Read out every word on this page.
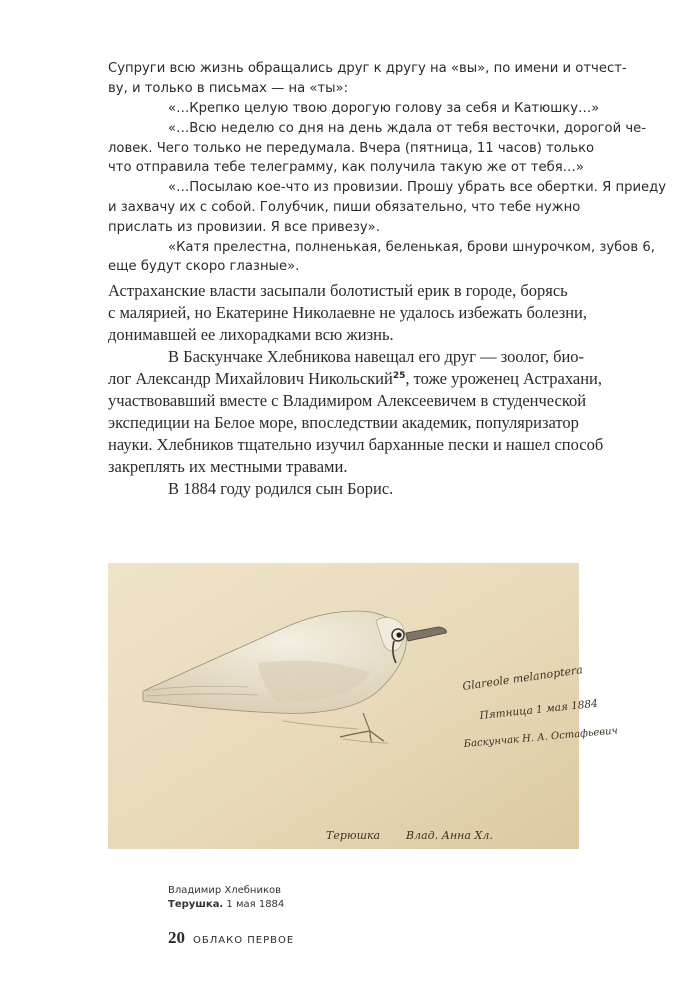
Супруги всю жизнь обращались друг к другу на «вы», по имени и отчест-
ву, и только в письмах — на «ты»:
«…Крепко целую твою дорогую голову за себя и Катюшку…»
«…Всю неделю со дня на день ждала от тебя весточки, дорогой че-
ловек. Чего только не передумала. Вчера (пятница, 11 часов) только
что отправила тебе телеграмму, как получила такую же от тебя…»
«…Посылаю кое-что из провизии. Прошу убрать все обертки. Я приеду
и захвачу их с собой. Голубчик, пиши обязательно, что тебе нужно
прислать из провизии. Я все привезу».
«Катя прелестна, полненькая, беленькая, брови шнурочком, зубов 6,
еще будут скоро глазные».
Астраханские власти засыпали болотистый ерик в городе, борясь
с малярией, но Екатерине Николаевне не удалось избежать болезни,
донимавшей ее лихорадками всю жизнь.
В Баскунчаке Хлебникова навещал его друг — зоолог, био-
лог Александр Михайлович Никольский$^{25}$, тоже уроженец Астрахани,
участвовавший вместе с Владимиром Алексеевичем в студенческой
экспедиции на Белое море, впоследствии академик, популяризатор
науки. Хлебников тщательно изучил барханные пески и нашел способ
закреплять их местными травами.
В 1884 году родился сын Борис.
Glareole melanoptera
Пятница 1 мая 1884
Баскунчак Н. А. Остафьевич
Терюшка Влад. Анна Хл.
Владимир Хлебников
Терушка. 1 мая 1884
20 ОБЛАКО ПЕРВОЕ
